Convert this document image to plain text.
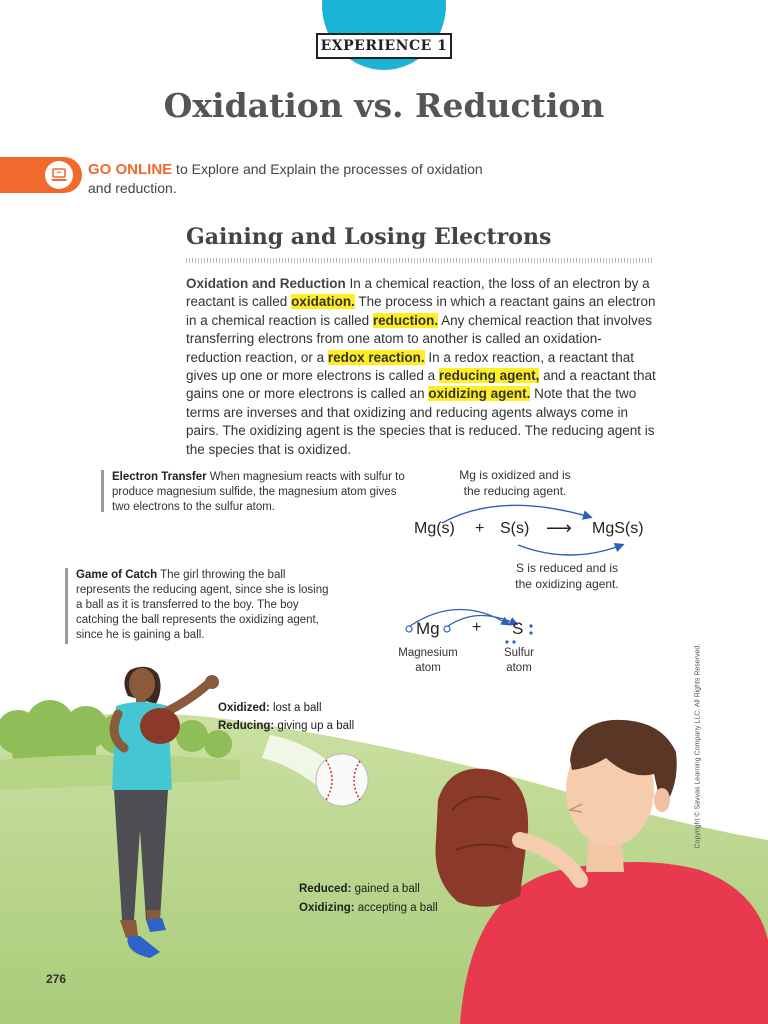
EXPERIENCE 1
Oxidation vs. Reduction
GO ONLINE to Explore and Explain the processes of oxidation
and reduction.
Gaining and Losing Electrons

Oxidation and Reduction In a chemical reaction, the loss of an electron by a reactant is called oxidation. The process in which a reactant gains an electron in a chemical reaction is called reduction. Any chemical reaction that involves transferring electrons from one atom to another is called an oxidation-reduction reaction, or a redox reaction. In a redox reaction, a reactant that gives up one or more electrons is called a reducing agent, and a reactant that gains one or more electrons is called an oxidizing agent. Note that the two terms are inverses and that oxidizing and reducing agents always come in pairs. The oxidizing agent is the species that is reduced. The reducing agent is the species that is oxidized.

Electron Transfer When magnesium reacts with sulfur to produce magnesium sulfide, the magnesium atom gives two electrons to the sulfur atom.

Mg is oxidized and is
the reducing agent.
Mg(s) + S(s) ⟶ MgS(s)
S is reduced and is
the oxidizing agent.
Mg + S
Magnesium
atom
Sulfur
atom

Game of Catch The girl throwing the ball represents the reducing agent, since she is losing a ball as it is transferred to the boy. The boy catching the ball represents the oxidizing agent, since he is gaining a ball.

Oxidized: lost a ball
Reducing: giving up a ball
Reduced: gained a ball
Oxidizing: accepting a ball
276
Copyright © Savvas Learning Company LLC. All Rights Reserved.
